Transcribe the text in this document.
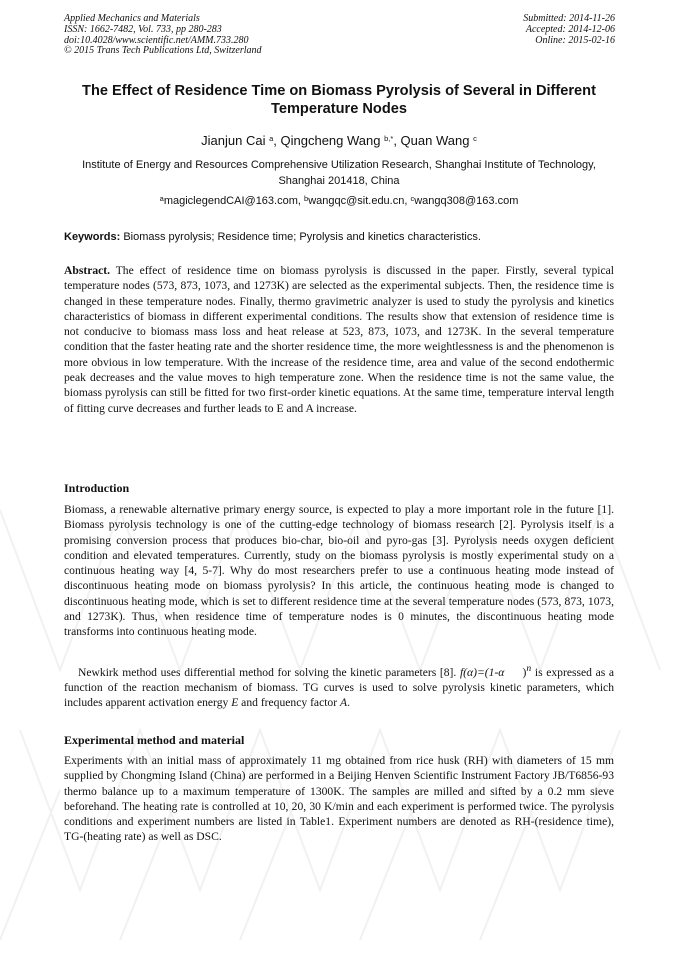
Applied Mechanics and Materials
ISSN: 1662-7482, Vol. 733, pp 280-283
doi:10.4028/www.scientific.net/AMM.733.280
© 2015 Trans Tech Publications Ltd, Switzerland
Submitted: 2014-11-26
Accepted: 2014-12-06
Online: 2015-02-16
The Effect of Residence Time on Biomass Pyrolysis of Several in Different Temperature Nodes
Jianjun Cai $^a$, Qingcheng Wang $^{b,*}$, Quan Wang $^c$
Institute of Energy and Resources Comprehensive Utilization Research, Shanghai Institute of Technology, Shanghai 201418, China
$^a$magiclegendCAI@163.com, $^b$wangqc@sit.edu.cn, $^c$wangq308@163.com
Keywords: Biomass pyrolysis; Residence time; Pyrolysis and kinetics characteristics.
Abstract. The effect of residence time on biomass pyrolysis is discussed in the paper. Firstly, several typical temperature nodes (573, 873, 1073, and 1273K) are selected as the experimental subjects. Then, the residence time is changed in these temperature nodes. Finally, thermo gravimetric analyzer is used to study the pyrolysis and kinetics characteristics of biomass in different experimental conditions. The results show that extension of residence time is not conducive to biomass mass loss and heat release at 523, 873, 1073, and 1273K. In the several temperature condition that the faster heating rate and the shorter residence time, the more weightlessness is and the phenomenon is more obvious in low temperature. With the increase of the residence time, area and value of the second endothermic peak decreases and the value moves to high temperature zone. When the residence time is not the same value, the biomass pyrolysis can still be fitted for two first-order kinetic equations. At the same time, temperature interval length of fitting curve decreases and further leads to E and A increase.
Introduction
Biomass, a renewable alternative primary energy source, is expected to play a more important role in the future [1]. Biomass pyrolysis technology is one of the cutting-edge technology of biomass research [2]. Pyrolysis itself is a promising conversion process that produces bio-char, bio-oil and pyro-gas [3]. Pyrolysis needs oxygen deficient condition and elevated temperatures. Currently, study on the biomass pyrolysis is mostly experimental study on a continuous heating way [4, 5-7]. Why do most researchers prefer to use a continuous heating mode instead of discontinuous heating mode on biomass pyrolysis? In this article, the continuous heating mode is changed to discontinuous heating mode, which is set to different residence time at the several temperature nodes (573, 873, 1073, and 1273K). Thus, when residence time of temperature nodes is 0 minutes, the discontinuous heating mode transforms into continuous heating mode.
Newkirk method uses differential method for solving the kinetic parameters [8]. f(α)=(1-α     )$^n$ is expressed as a function of the reaction mechanism of biomass. TG curves is used to solve pyrolysis kinetic parameters, which includes apparent activation energy E and frequency factor A.
Experimental method and material
Experiments with an initial mass of approximately 11 mg obtained from rice husk (RH) with diameters of 15 mm supplied by Chongming Island (China) are performed in a Beijing Henven Scientific Instrument Factory JB/T6856-93 thermo balance up to a maximum temperature of 1300K. The samples are milled and sifted by a 0.2 mm sieve beforehand. The heating rate is controlled at 10, 20, 30 K/min and each experiment is performed twice. The pyrolysis conditions and experiment numbers are listed in Table1. Experiment numbers are denoted as RH-(residence time), TG-(heating rate) as well as DSC.
